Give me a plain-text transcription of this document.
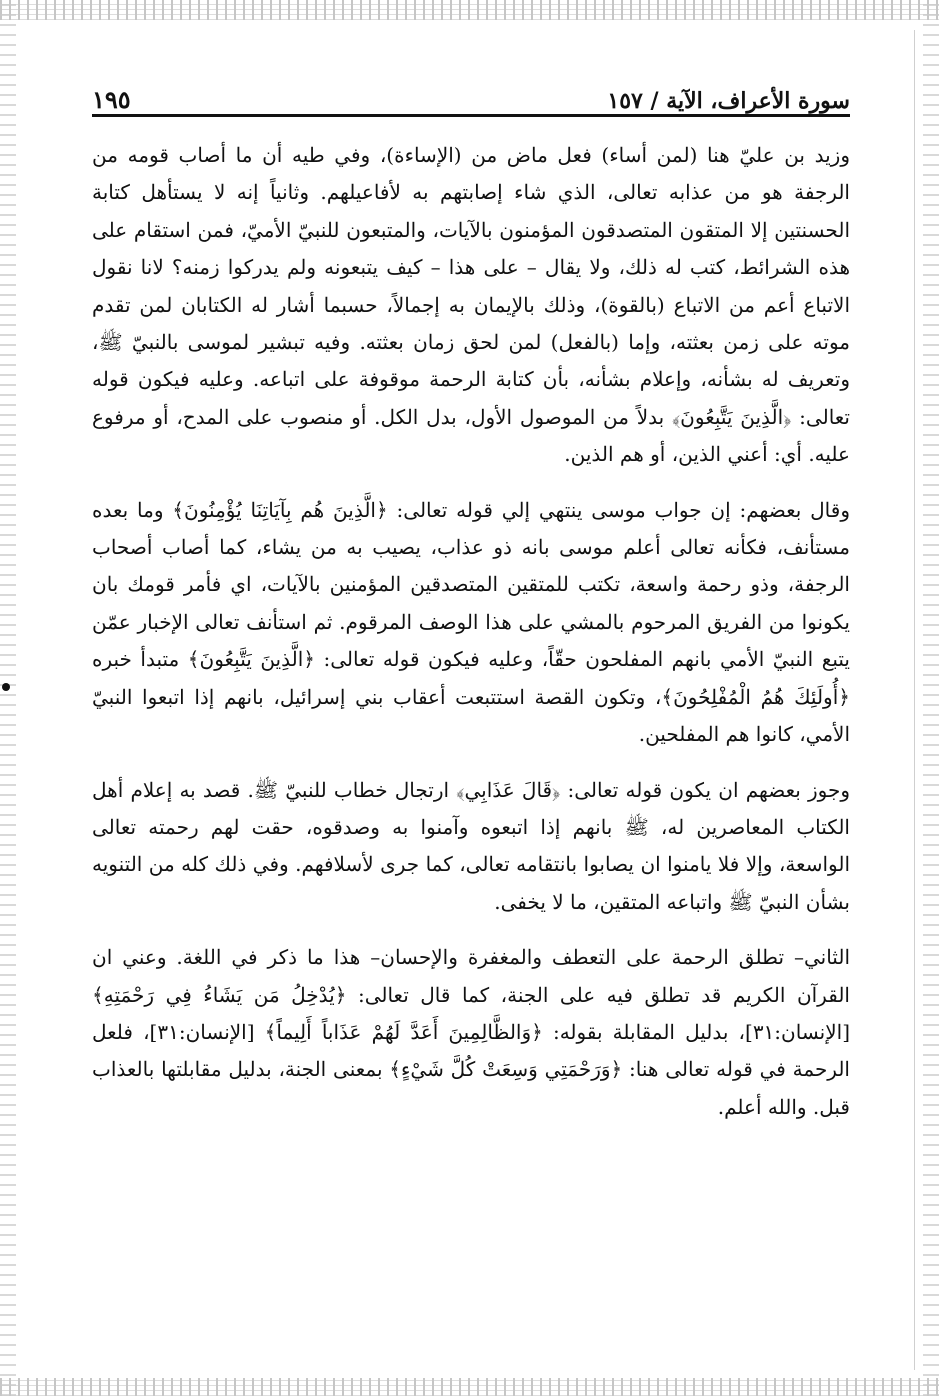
سورة الأعراف، الآية / ١٥٧
١٩٥

وزيد بن عليّ هنا (لمن أساء) فعل ماض من (الإساءة)، وفي طيه أن ما أصاب قومه من الرجفة هو من عذابه تعالى، الذي شاء إصابتهم به لأفاعيلهم. وثانياً إنه لا يستأهل كتابة الحسنتين إلا المتقون المتصدقون المؤمنون بالآيات، والمتبعون للنبيّ الأميّ، فمن استقام على هذه الشرائط، كتب له ذلك، ولا يقال – على هذا – كيف يتبعونه ولم يدركوا زمنه؟ لانا نقول الاتباع أعم من الاتباع (بالقوة)، وذلك بالإيمان به إجمالاً، حسبما أشار له الكتابان لمن تقدم موته على زمن بعثته، وإما (بالفعل) لمن لحق زمان بعثته. وفيه تبشير لموسى بالنبيّ ﷺ، وتعريف له بشأنه، وإعلام بشأنه، بأن كتابة الرحمة موقوفة على اتباعه. وعليه فيكون قوله تعالى: ﴿الَّذِينَ يَتَّبِعُونَ﴾ بدلاً من الموصول الأول، بدل الكل. أو منصوب على المدح، أو مرفوع عليه. أي: أعني الذين، أو هم الذين.

وقال بعضهم: إن جواب موسى ينتهي إلي قوله تعالى: ﴿الَّذِينَ هُم بِآيَاتِنَا يُؤْمِنُونَ﴾ وما بعده مستأنف، فكأنه تعالى أعلم موسى بانه ذو عذاب، يصيب به من يشاء، كما أصاب أصحاب الرجفة، وذو رحمة واسعة، تكتب للمتقين المتصدقين المؤمنين بالآيات، اي فأمر قومك بان يكونوا من الفريق المرحوم بالمشي على هذا الوصف المرقوم. ثم استأنف تعالى الإخبار عمّن يتبع النبيّ الأمي بانهم المفلحون حقّاً، وعليه فيكون قوله تعالى: ﴿الَّذِينَ يَتَّبِعُونَ﴾ متبدأ خبره ﴿أُولَئِكَ هُمُ الْمُفْلِحُونَ﴾، وتكون القصة استتبعت أعقاب بني إسرائيل، بانهم إذا اتبعوا النبيّ الأمي، كانوا هم المفلحين.

وجوز بعضهم ان يكون قوله تعالى: ﴿قَالَ عَذَابِي﴾ ارتجال خطاب للنبيّ ﷺ. قصد به إعلام أهل الكتاب المعاصرين له، ﷺ بانهم إذا اتبعوه وآمنوا به وصدقوه، حقت لهم رحمته تعالى الواسعة، وإلا فلا يامنوا ان يصابوا بانتقامه تعالى، كما جرى لأسلافهم. وفي ذلك كله من التنويه بشأن النبيّ ﷺ واتباعه المتقين، ما لا يخفى.

الثاني– تطلق الرحمة على التعطف والمغفرة والإحسان– هذا ما ذكر في اللغة. وعني ان القرآن الكريم قد تطلق فيه على الجنة، كما قال تعالى: ﴿يُدْخِلُ مَن يَشَاءُ فِي رَحْمَتِهِ﴾ [الإنسان:٣١]، بدليل المقابلة بقوله: ﴿وَالظَّالِمِينَ أَعَدَّ لَهُمْ عَذَاباً أَلِيماً﴾ [الإنسان:٣١]، فلعل الرحمة في قوله تعالى هنا: ﴿وَرَحْمَتِي وَسِعَتْ كُلَّ شَيْءٍ﴾ بمعنى الجنة، بدليل مقابلتها بالعذاب قبل. والله أعلم.
